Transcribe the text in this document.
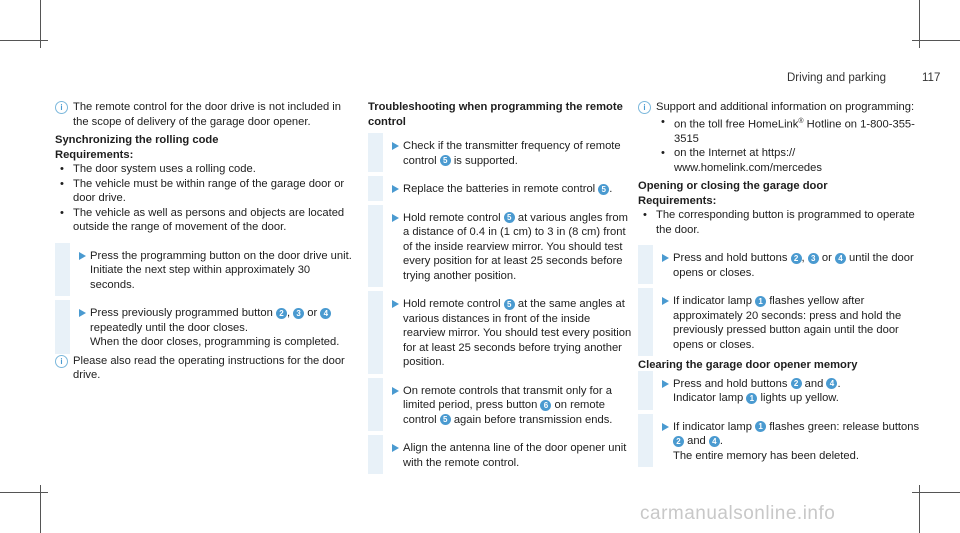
Driving and parking	117
i The remote control for the door drive is not included in the scope of delivery of the garage door opener.

Synchronizing the rolling code

Requirements:

• The door system uses a rolling code.

• The vehicle must be within range of the garage door or door drive.

• The vehicle as well as persons and objects are located outside the range of movement of the door.

Press the programming button on the door drive unit.
Initiate the next step within approximately 30 seconds.
Press previously programmed button 2 , 3 or 4 repeatedly until the door closes.
When the door closes, programming is completed.
i Please also read the operating instructions for the door drive.

Troubleshooting when programming the remote control

Check if the transmitter frequency of remote control 5 is supported.
Replace the batteries in remote control 5 .
Hold remote control 5 at various angles from a distance of 0.4 in (1 cm) to 3 in (8 cm) front of the inside rearview mirror. You should test every position for at least 25 seconds before trying another position.
Hold remote control 5 at the same angles at various distances in front of the inside rearview mirror. You should test every position for at least 25 seconds before trying another position.
On remote controls that transmit only for a limited period, press button 6 on remote control 5 again before transmission ends.
Align the antenna line of the door opener unit with the remote control.
i Support and additional information on programming:

• on the toll free HomeLink® Hotline on 1-800-355-3515

• on the Internet at https:// www.homelink.com/mercedes

Opening or closing the garage door

Requirements:

• The corresponding button is programmed to operate the door.

Press and hold buttons 2 , 3 or 4 until the door opens or closes.
If indicator lamp 1 flashes yellow after approximately 20 seconds: press and hold the previously pressed button again until the door opens or closes.

Clearing the garage door opener memory

Press and hold buttons 2 and 4 .
Indicator lamp 1 lights up yellow.
If indicator lamp 1 flashes green: release buttons 2 and 4 .
The entire memory has been deleted.
carmanualsonline.info
